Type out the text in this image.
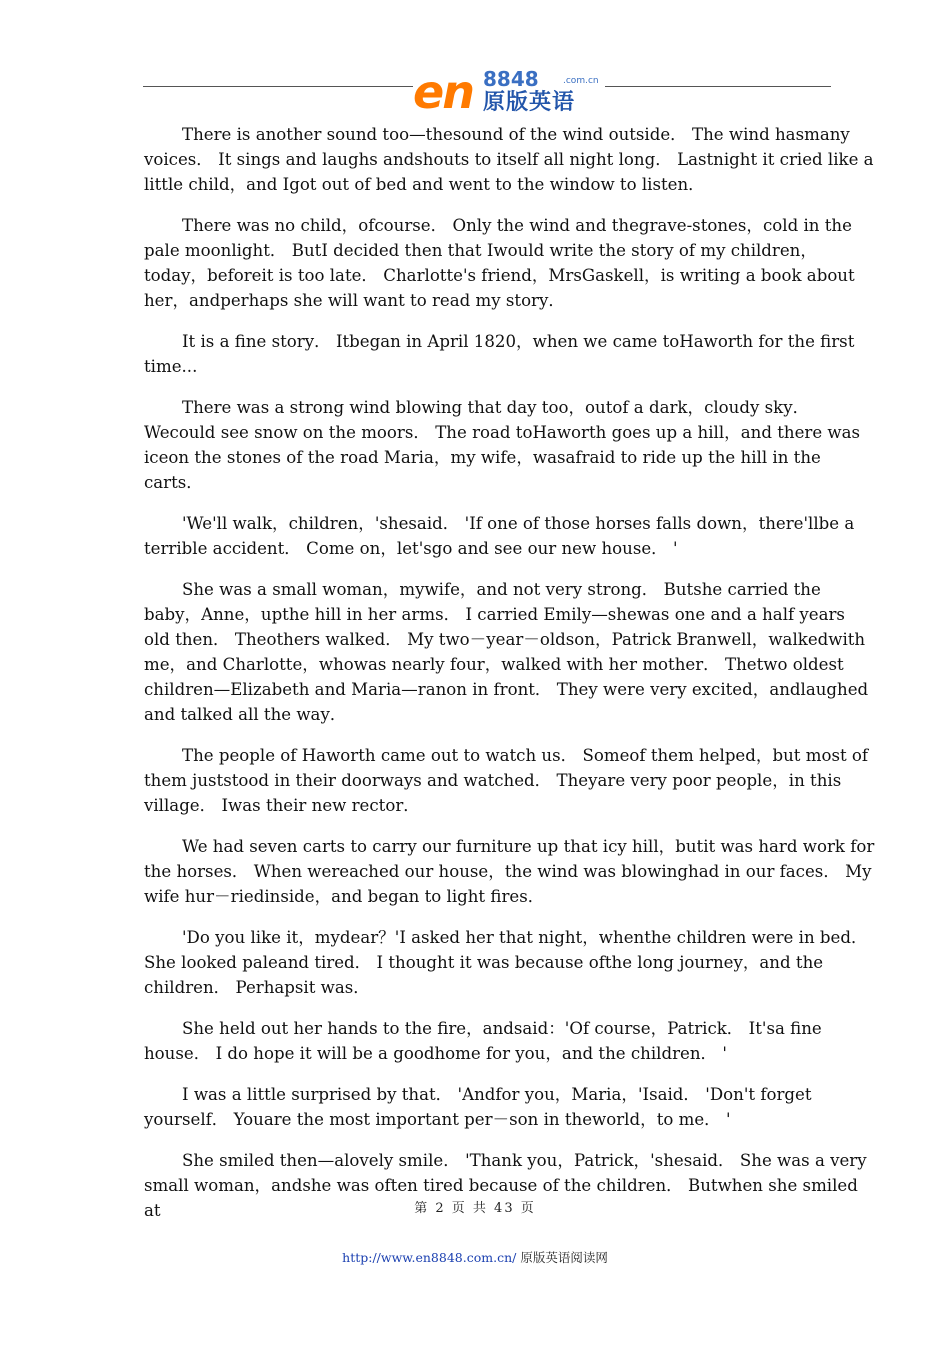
en 8848	.com.cn
原版英语

There is another sound too—thesound of the wind outside． The wind hasmany voices． It sings and laughs andshouts to itself all night long． Lastnight it cried like a little child，and Igot out of bed and went to the window to listen．

There was no child，ofcourse． Only the wind and thegrave-stones，cold in the pale moonlight． ButI decided then that Iwould write the story of my children，today，beforeit is too late． Charlotte's friend，MrsGaskell，is writing a book about her，andperhaps she will want to read my story．

It is a fine story． Itbegan in April 1820，when we came toHaworth for the first time...

There was a strong wind blowing that day too，outof a dark，cloudy sky． Wecould see snow on the moors． The road toHaworth goes up a hill，and there was iceon the stones of the road Maria，my wife，wasafraid to ride up the hill in the carts．

'We'll walk，children，'shesaid． 'If one of those horses falls down，there'llbe a terrible accident． Come on，let'sgo and see our new house． '

She was a small woman，mywife，and not very strong． Butshe carried the baby，Anne，upthe hill in her arms． I carried Emily—shewas one and a half years old then． Theothers walked． My two－year－oldson，Patrick Branwell，walkedwith me，and Charlotte，whowas nearly four，walked with her mother． Thetwo oldest children—Elizabeth and Maria—ranon in front． They were very excited，andlaughed and talked all the way．

The people of Haworth came out to watch us． Someof them helped，but most of them juststood in their doorways and watched． Theyare very poor people，in this village． Iwas their new rector．

We had seven carts to carry our furniture up that icy hill，butit was hard work for the horses． When wereached our house，the wind was blowinghad in our faces． My wife hur－riedinside，and began to light fires．

'Do you like it，mydear？'I asked her that night，whenthe children were in bed． She looked paleand tired． I thought it was because ofthe long journey，and the children． Perhapsit was．

She held out her hands to the fire，andsaid：'Of course，Patrick． It'sa fine house． I do hope it will be a goodhome for you，and the children． '

I was a little surprised by that． 'Andfor you，Maria，'Isaid． 'Don't forget yourself． Youare the most important per－son in theworld，to me． '

She smiled then—alovely smile． 'Thank you，Patrick，'shesaid． She was a very small woman，andshe was often tired because of the children． Butwhen she smiled at	第 2 页 共 43 页
http://www.en8848.com.cn/ 原版英语阅读网
